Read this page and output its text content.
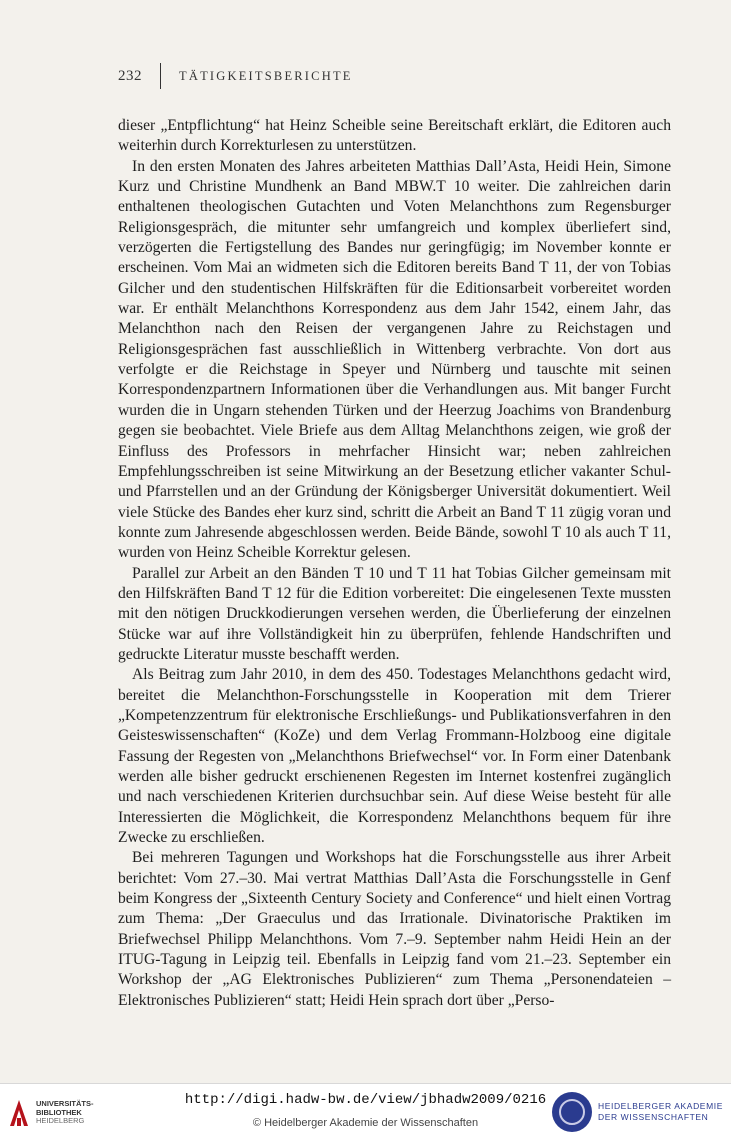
232	TÄTIGKEITSBERICHTE

dieser „Entpflichtung“ hat Heinz Scheible seine Bereitschaft erklärt, die Editoren auch weiterhin durch Korrekturlesen zu unterstützen.

In den ersten Monaten des Jahres arbeiteten Matthias Dall’Asta, Heidi Hein, Simone Kurz und Christine Mundhenk an Band MBW.T 10 weiter. Die zahlreichen darin enthaltenen theologischen Gutachten und Voten Melanchthons zum Regensburger Religionsgespräch, die mitunter sehr umfangreich und komplex überliefert sind, verzögerten die Fertigstellung des Bandes nur geringfügig; im November konnte er erscheinen. Vom Mai an widmeten sich die Editoren bereits Band T 11, der von Tobias Gilcher und den studentischen Hilfskräften für die Editionsarbeit vorbereitet worden war. Er enthält Melanchthons Korrespondenz aus dem Jahr 1542, einem Jahr, das Melanchthon nach den Reisen der vergangenen Jahre zu Reichstagen und Religionsgesprächen fast ausschließlich in Wittenberg verbrachte. Von dort aus verfolgte er die Reichstage in Speyer und Nürnberg und tauschte mit seinen Korrespondenzpartnern Informationen über die Verhandlungen aus. Mit banger Furcht wurden die in Ungarn stehenden Türken und der Heerzug Joachims von Brandenburg gegen sie beobachtet. Viele Briefe aus dem Alltag Melanchthons zeigen, wie groß der Einfluss des Professors in mehrfacher Hinsicht war; neben zahlreichen Empfehlungsschreiben ist seine Mitwirkung an der Besetzung etlicher vakanter Schul- und Pfarrstellen und an der Gründung der Königsberger Universität dokumentiert. Weil viele Stücke des Bandes eher kurz sind, schritt die Arbeit an Band T 11 zügig voran und konnte zum Jahresende abgeschlossen werden. Beide Bände, sowohl T 10 als auch T 11, wurden von Heinz Scheible Korrektur gelesen.

Parallel zur Arbeit an den Bänden T 10 und T 11 hat Tobias Gilcher gemeinsam mit den Hilfskräften Band T 12 für die Edition vorbereitet: Die eingelesenen Texte mussten mit den nötigen Druckkodierungen versehen werden, die Überlieferung der einzelnen Stücke war auf ihre Vollständigkeit hin zu überprüfen, fehlende Handschriften und gedruckte Literatur musste beschafft werden.

Als Beitrag zum Jahr 2010, in dem des 450. Todestages Melanchthons gedacht wird, bereitet die Melanchthon-Forschungsstelle in Kooperation mit dem Trierer „Kompetenzzentrum für elektronische Erschließungs- und Publikationsverfahren in den Geisteswissenschaften“ (KoZe) und dem Verlag Frommann-Holzboog eine digitale Fassung der Regesten von „Melanchthons Briefwechsel“ vor. In Form einer Datenbank werden alle bisher gedruckt erschienenen Regesten im Internet kostenfrei zugänglich und nach verschiedenen Kriterien durchsuchbar sein. Auf diese Weise besteht für alle Interessierten die Möglichkeit, die Korrespondenz Melanchthons bequem für ihre Zwecke zu erschließen.

Bei mehreren Tagungen und Workshops hat die Forschungsstelle aus ihrer Arbeit berichtet: Vom 27.–30. Mai vertrat Matthias Dall’Asta die Forschungsstelle in Genf beim Kongress der „Sixteenth Century Society and Conference“ und hielt einen Vortrag zum Thema: „Der Graeculus und das Irrationale. Divinatorische Praktiken im Briefwechsel Philipp Melanchthons. Vom 7.–9. September nahm Heidi Hein an der ITUG-Tagung in Leipzig teil. Ebenfalls in Leipzig fand vom 21.–23. September ein Workshop der „AG Elektronisches Publizieren“ zum Thema „Personendateien – Elektronisches Publizieren“ statt; Heidi Hein sprach dort über „Perso-

UNIVERSITÄTS-
BIBLIOTHEK
HEIDELBERG
http://digi.hadw-bw.de/view/jbhadw2009/0216
© Heidelberger Akademie der Wissenschaften
HEIDELBERGER AKADEMIE
DER WISSENSCHAFTEN
